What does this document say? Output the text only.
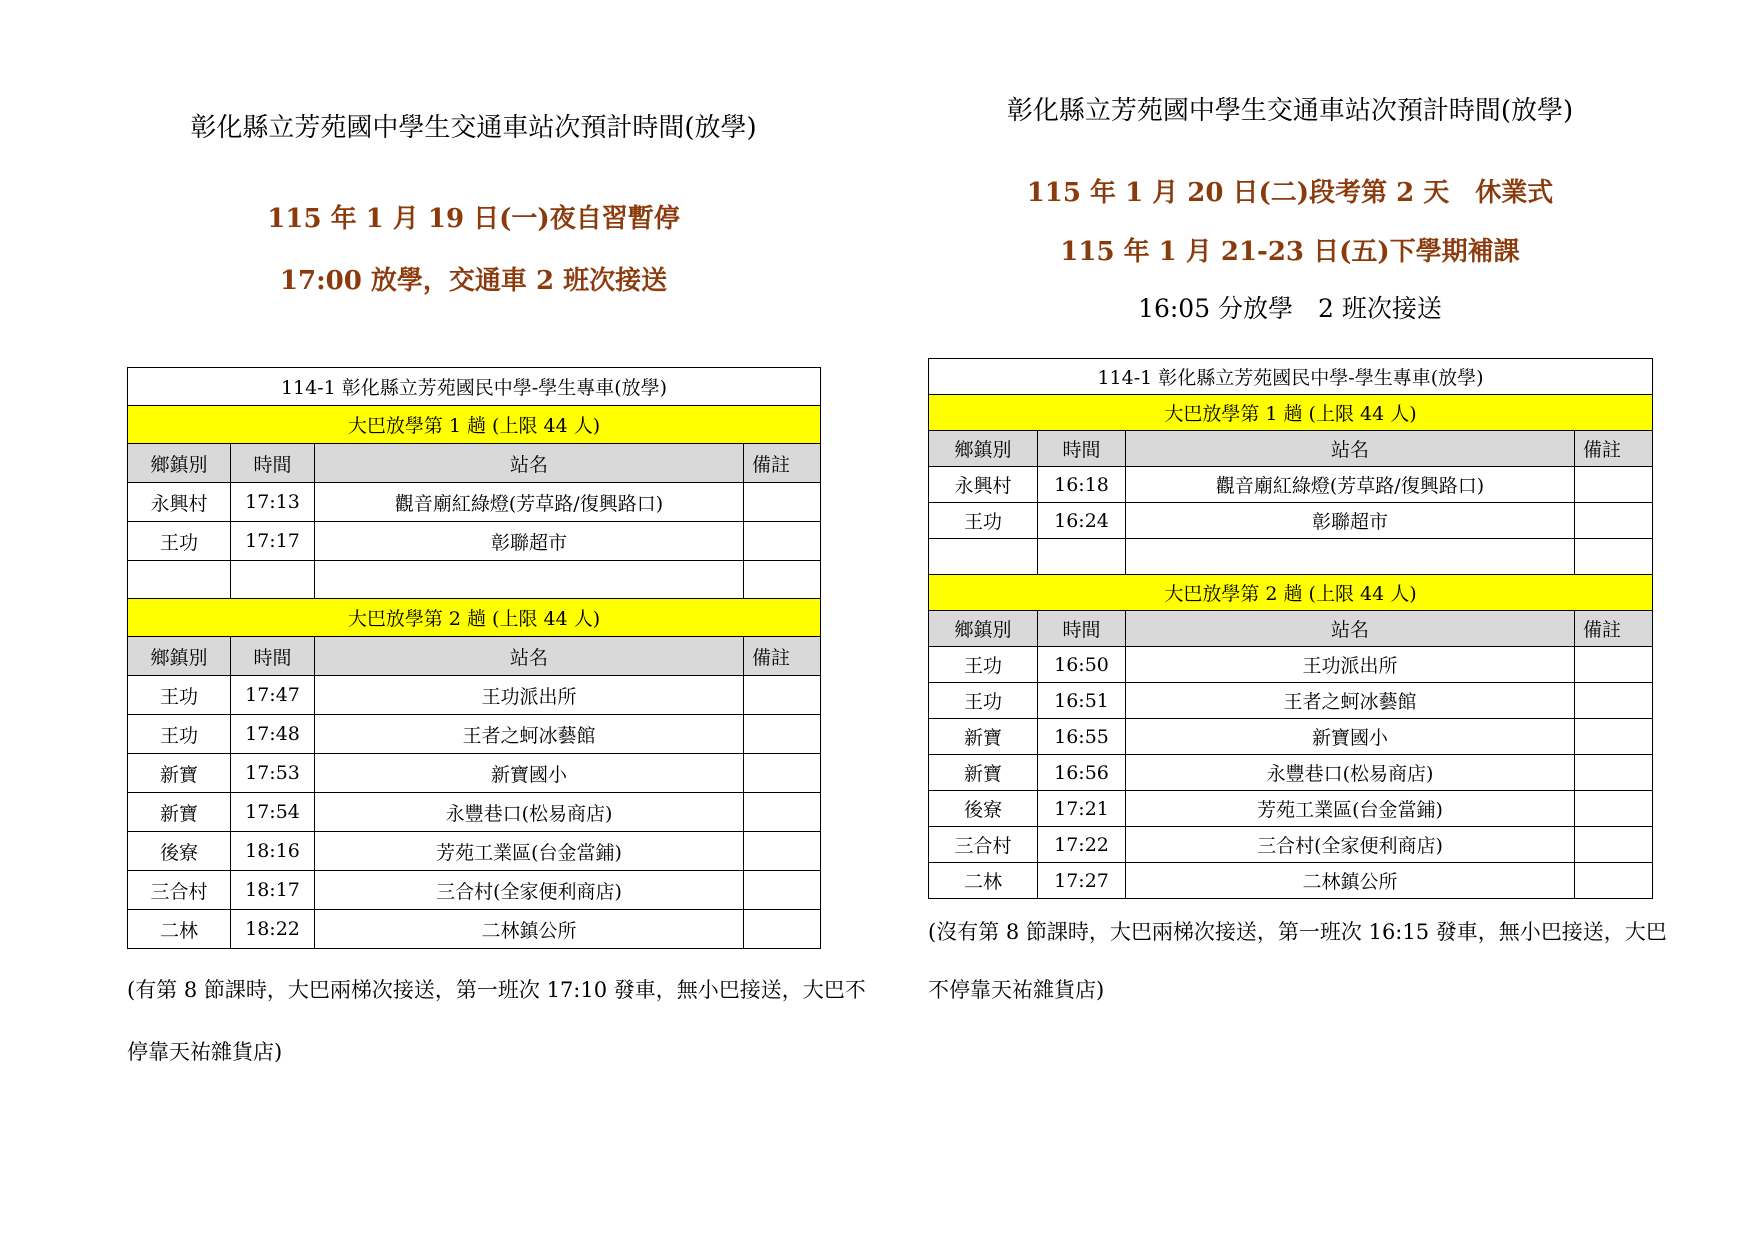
彰化縣立芳苑國中學生交通車站次預計時間(放學)

115 年 1 月 19 日(一)夜自習暫停

17:00 放學，交通車 2 班次接送

114-1 彰化縣立芳苑國民中學-學生專車(放學)			
大巴放學第 1 趟 (上限 44 人)			
鄉鎮別	時間	站名	備註
永興村	17:13	觀音廟紅綠燈(芳草路/復興路口)	
王功	17:17	彰聯超市	

大巴放學第 2 趟 (上限 44 人)			
鄉鎮別	時間	站名	備註
王功	17:47	王功派出所	
王功	17:48	王者之蚵冰藝館	
新寶	17:53	新寶國小	
新寶	17:54	永豐巷口(松易商店)	
後寮	18:16	芳苑工業區(台金當鋪)	
三合村	18:17	三合村(全家便利商店)	
二林	18:22	二林鎮公所	

(有第 8 節課時，大巴兩梯次接送，第一班次 17:10 發車，無小巴接送，大巴不

停靠天祐雜貨店)

彰化縣立芳苑國中學生交通車站次預計時間(放學)

115 年 1 月 20 日(二)段考第 2 天　休業式

115 年 1 月 21-23 日(五)下學期補課

16:05 分放學　2 班次接送

114-1 彰化縣立芳苑國民中學-學生專車(放學)			
大巴放學第 1 趟 (上限 44 人)			
鄉鎮別	時間	站名	備註
永興村	16:18	觀音廟紅綠燈(芳草路/復興路口)	
王功	16:24	彰聯超市	

大巴放學第 2 趟 (上限 44 人)			
鄉鎮別	時間	站名	備註
王功	16:50	王功派出所	
王功	16:51	王者之蚵冰藝館	
新寶	16:55	新寶國小	
新寶	16:56	永豐巷口(松易商店)	
後寮	17:21	芳苑工業區(台金當鋪)	
三合村	17:22	三合村(全家便利商店)	
二林	17:27	二林鎮公所	

(沒有第 8 節課時，大巴兩梯次接送，第一班次 16:15 發車，無小巴接送，大巴

不停靠天祐雜貨店)
